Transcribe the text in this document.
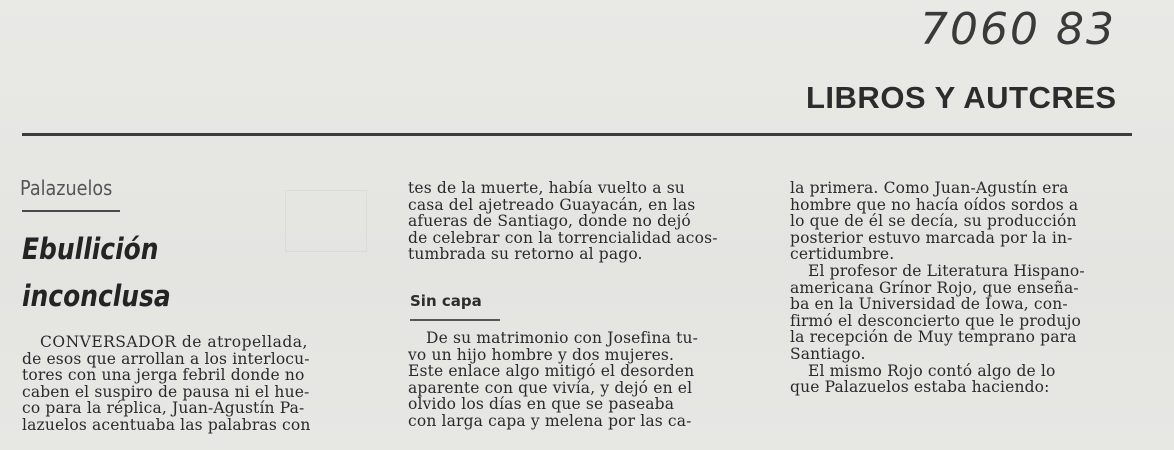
7060 83
LIBROS Y AUTCRES
Palazuelos
Ebullición
inconclusa
CONVERSADOR de atropellada,
de esos que arrollan a los interlocu-
tores con una jerga febril donde no
caben el suspiro de pausa ni el hue-
co para la réplica, Juan-Agustín Pa-
lazuelos acentuaba las palabras con
tes de la muerte, había vuelto a su
casa del ajetreado Guayacán, en las
afueras de Santiago, donde no dejó
de celebrar con la torrencialidad acos-
tumbrada su retorno al pago.
Sin capa
De su matrimonio con Josefina tu-
vo un hijo hombre y dos mujeres.
Este enlace algo mitigó el desorden
aparente con que vivía, y dejó en el
olvido los días en que se paseaba
con larga capa y melena por las ca-
la primera. Como Juan-Agustín era
hombre que no hacía oídos sordos a
lo que de él se decía, su producción
posterior estuvo marcada por la in-
certidumbre.
El profesor de Literatura Hispano-
americana Grínor Rojo, que enseña-
ba en la Universidad de Iowa, con-
firmó el desconcierto que le produjo
la recepción de Muy temprano para
Santiago.
El mismo Rojo contó algo de lo
que Palazuelos estaba haciendo:
